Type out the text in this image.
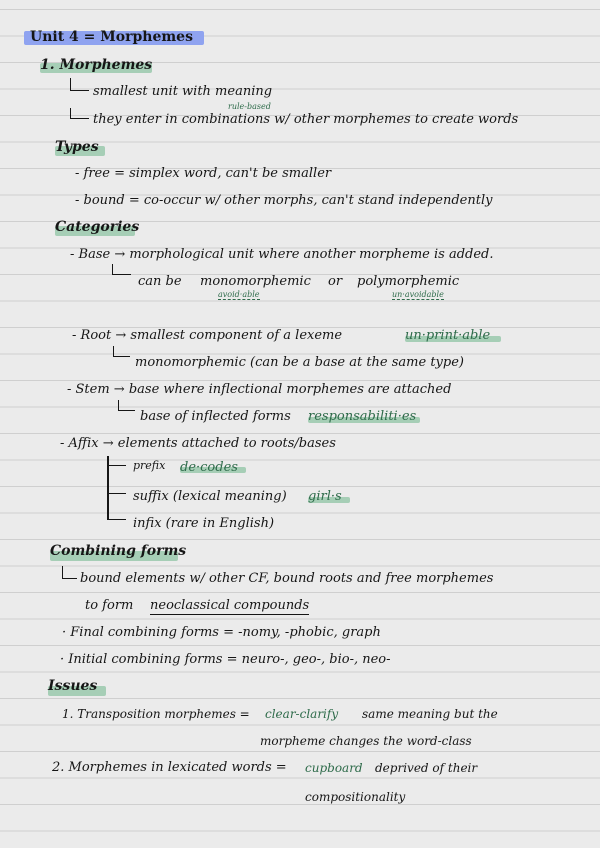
Unit 4 = Morphemes
1. Morphemes
smallest unit with meaning
rule-based
they enter in combinations w/ other morphemes to create words
Types
- free = simplex word, can't be smaller
- bound = co-occur w/ other morphs, can't stand independently
Categories
- Base → morphological unit where another morpheme is added.
can be monomorphemic or polymorphemic
avoid·able	un·avoidable
- Root → smallest component of a lexeme	un·print·able
monomorphemic (can be a base at the same type)
- Stem → base where inflectional morphemes are attached
base of inflected forms responsabiliti·es
- Affix → elements attached to roots/bases
prefix de·codes
suffix (lexical meaning) girl·s
infix (rare in English)
Combining forms
bound elements w/ other CF, bound roots and free morphemes
to form neoclassical compounds
· Final combining forms = -nomy, -phobic, graph
· Initial combining forms = neuro-, geo-, bio-, neo-
Issues
1. Transposition morphemes = clear-clarify same meaning but the
morpheme changes the word-class
2. Morphemes in lexicated words = cupboard deprived of their
compositionality
